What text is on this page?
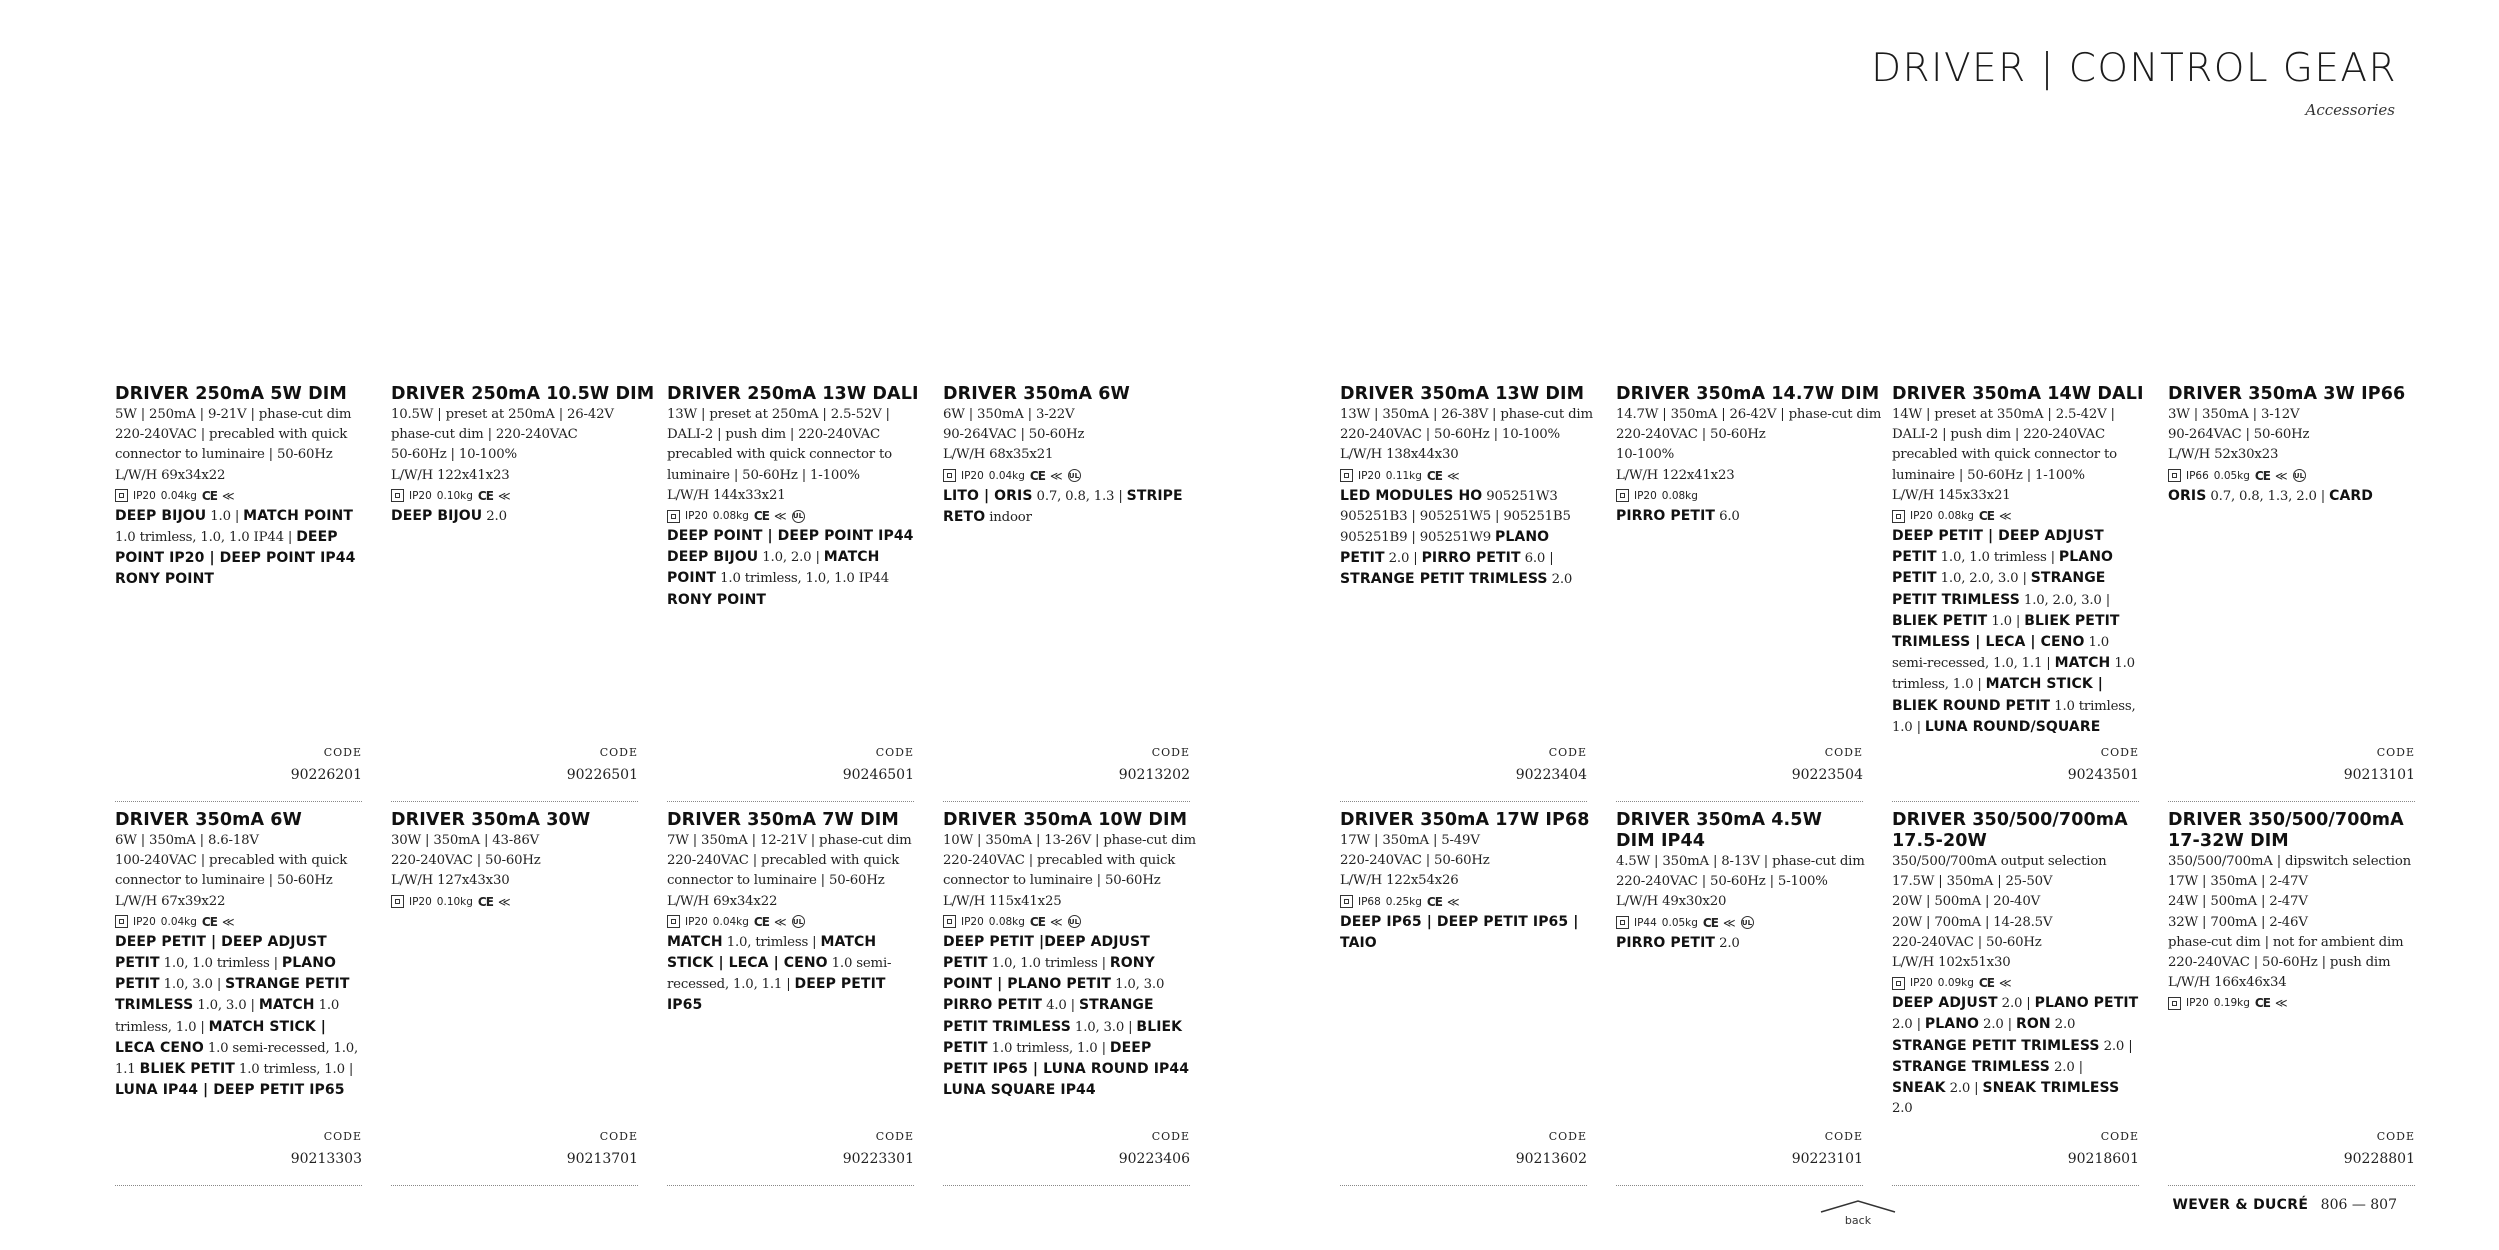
DRIVER | CONTROL GEAR
Accessories
DRIVER 250mA 5W DIM
5W | 250mA | 9-21V | phase-cut dim
220-240VAC | precabled with quick
connector to luminaire | 50-60Hz
L/W/H 69x34x22
IP20 0.04kg CE ≪
DEEP BIJOU 1.0 | MATCH POINT 1.0 trimless, 1.0, 1.0 IP44 | DEEP POINT IP20 | DEEP POINT IP44 RONY POINT
CODE
90226201
DRIVER 250mA 10.5W DIM
10.5W | preset at 250mA | 26-42V
phase-cut dim | 220-240VAC
50-60Hz | 10-100%
L/W/H 122x41x23
IP20 0.10kg CE ≪
DEEP BIJOU 2.0
CODE
90226501
DRIVER 250mA 13W DALI
13W | preset at 250mA | 2.5-52V |
DALI-2 | push dim | 220-240VAC
precabled with quick connector to
luminaire | 50-60Hz | 1-100%
L/W/H 144x33x21
IP20 0.08kg CE ≪ UL
DEEP POINT | DEEP POINT IP44 DEEP BIJOU 1.0, 2.0 | MATCH POINT 1.0 trimless, 1.0, 1.0 IP44 RONY POINT
CODE
90246501
DRIVER 350mA 6W
6W | 350mA | 3-22V
90-264VAC | 50-60Hz
L/W/H 68x35x21
IP20 0.04kg CE ≪ UL
LITO | ORIS 0.7, 0.8, 1.3 | STRIPE RETO indoor
CODE
90213202
DRIVER 350mA 13W DIM
13W | 350mA | 26-38V | phase-cut dim
220-240VAC | 50-60Hz | 10-100%
L/W/H 138x44x30
IP20 0.11kg CE ≪
LED MODULES HO 905251W3 905251B3 | 905251W5 | 905251B5 905251B9 | 905251W9 PLANO PETIT 2.0 | PIRRO PETIT 6.0 | STRANGE PETIT TRIMLESS 2.0
CODE
90223404
DRIVER 350mA 14.7W DIM
14.7W | 350mA | 26-42V | phase-cut dim
220-240VAC | 50-60Hz
10-100%
L/W/H 122x41x23
IP20 0.08kg
PIRRO PETIT 6.0
CODE
90223504
DRIVER 350mA 14W DALI
14W | preset at 350mA | 2.5-42V |
DALI-2 | push dim | 220-240VAC
precabled with quick connector to
luminaire | 50-60Hz | 1-100%
L/W/H 145x33x21
IP20 0.08kg CE ≪
DEEP PETIT | DEEP ADJUST PETIT 1.0, 1.0 trimless | PLANO PETIT 1.0, 2.0, 3.0 | STRANGE PETIT TRIMLESS 1.0, 2.0, 3.0 | BLIEK PETIT 1.0 | BLIEK PETIT TRIMLESS | LECA | CENO 1.0 semi-recessed, 1.0, 1.1 | MATCH 1.0 trimless, 1.0 | MATCH STICK | BLIEK ROUND PETIT 1.0 trimless, 1.0 | LUNA ROUND/SQUARE
CODE
90243501
DRIVER 350mA 3W IP66
3W | 350mA | 3-12V
90-264VAC | 50-60Hz
L/W/H 52x30x23
IP66 0.05kg CE ≪ UL
ORIS 0.7, 0.8, 1.3, 2.0 | CARD
CODE
90213101
DRIVER 350mA 6W
6W | 350mA | 8.6-18V
100-240VAC | precabled with quick
connector to luminaire | 50-60Hz
L/W/H 67x39x22
IP20 0.04kg CE ≪
DEEP PETIT | DEEP ADJUST PETIT 1.0, 1.0 trimless | PLANO PETIT 1.0, 3.0 | STRANGE PETIT TRIMLESS 1.0, 3.0 | MATCH 1.0 trimless, 1.0 | MATCH STICK | LECA CENO 1.0 semi-recessed, 1.0, 1.1 BLIEK PETIT 1.0 trimless, 1.0 | LUNA IP44 | DEEP PETIT IP65
CODE
90213303
DRIVER 350mA 30W
30W | 350mA | 43-86V
220-240VAC | 50-60Hz
L/W/H 127x43x30
IP20 0.10kg CE ≪
CODE
90213701
DRIVER 350mA 7W DIM
7W | 350mA | 12-21V | phase-cut dim
220-240VAC | precabled with quick
connector to luminaire | 50-60Hz
L/W/H 69x34x22
IP20 0.04kg CE ≪ UL
MATCH 1.0, trimless | MATCH STICK | LECA | CENO 1.0 semi-recessed, 1.0, 1.1 | DEEP PETIT IP65
CODE
90223301
DRIVER 350mA 10W DIM
10W | 350mA | 13-26V | phase-cut dim
220-240VAC | precabled with quick
connector to luminaire | 50-60Hz
L/W/H 115x41x25
IP20 0.08kg CE ≪ UL
DEEP PETIT |DEEP ADJUST PETIT 1.0, 1.0 trimless | RONY POINT | PLANO PETIT 1.0, 3.0 PIRRO PETIT 4.0 | STRANGE PETIT TRIMLESS 1.0, 3.0 | BLIEK PETIT 1.0 trimless, 1.0 | DEEP PETIT IP65 | LUNA ROUND IP44 LUNA SQUARE IP44
CODE
90223406
DRIVER 350mA 17W IP68
17W | 350mA | 5-49V
220-240VAC | 50-60Hz
L/W/H 122x54x26
IP68 0.25kg CE ≪
DEEP IP65 | DEEP PETIT IP65 | TAIO
CODE
90213602
DRIVER 350mA 4.5W DIM IP44
4.5W | 350mA | 8-13V | phase-cut dim
220-240VAC | 50-60Hz | 5-100%
L/W/H 49x30x20
IP44 0.05kg CE ≪ UL
PIRRO PETIT 2.0
CODE
90223101
DRIVER 350/500/700mA 17.5-20W
350/500/700mA output selection
17.5W | 350mA | 25-50V
20W | 500mA | 20-40V
20W | 700mA | 14-28.5V
220-240VAC | 50-60Hz
L/W/H 102x51x30
IP20 0.09kg CE ≪
DEEP ADJUST 2.0 | PLANO PETIT 2.0 | PLANO 2.0 | RON 2.0 STRANGE PETIT TRIMLESS 2.0 | STRANGE TRIMLESS 2.0 | SNEAK 2.0 | SNEAK TRIMLESS 2.0
CODE
90218601
DRIVER 350/500/700mA 17-32W DIM
350/500/700mA | dipswitch selection
17W | 350mA | 2-47V
24W | 500mA | 2-47V
32W | 700mA | 2-46V
phase-cut dim | not for ambient dim
220-240VAC | 50-60Hz | push dim
L/W/H 166x46x34
IP20 0.19kg CE ≪
CODE
90228801
back
WEVER & DUCRÉ 806 — 807
